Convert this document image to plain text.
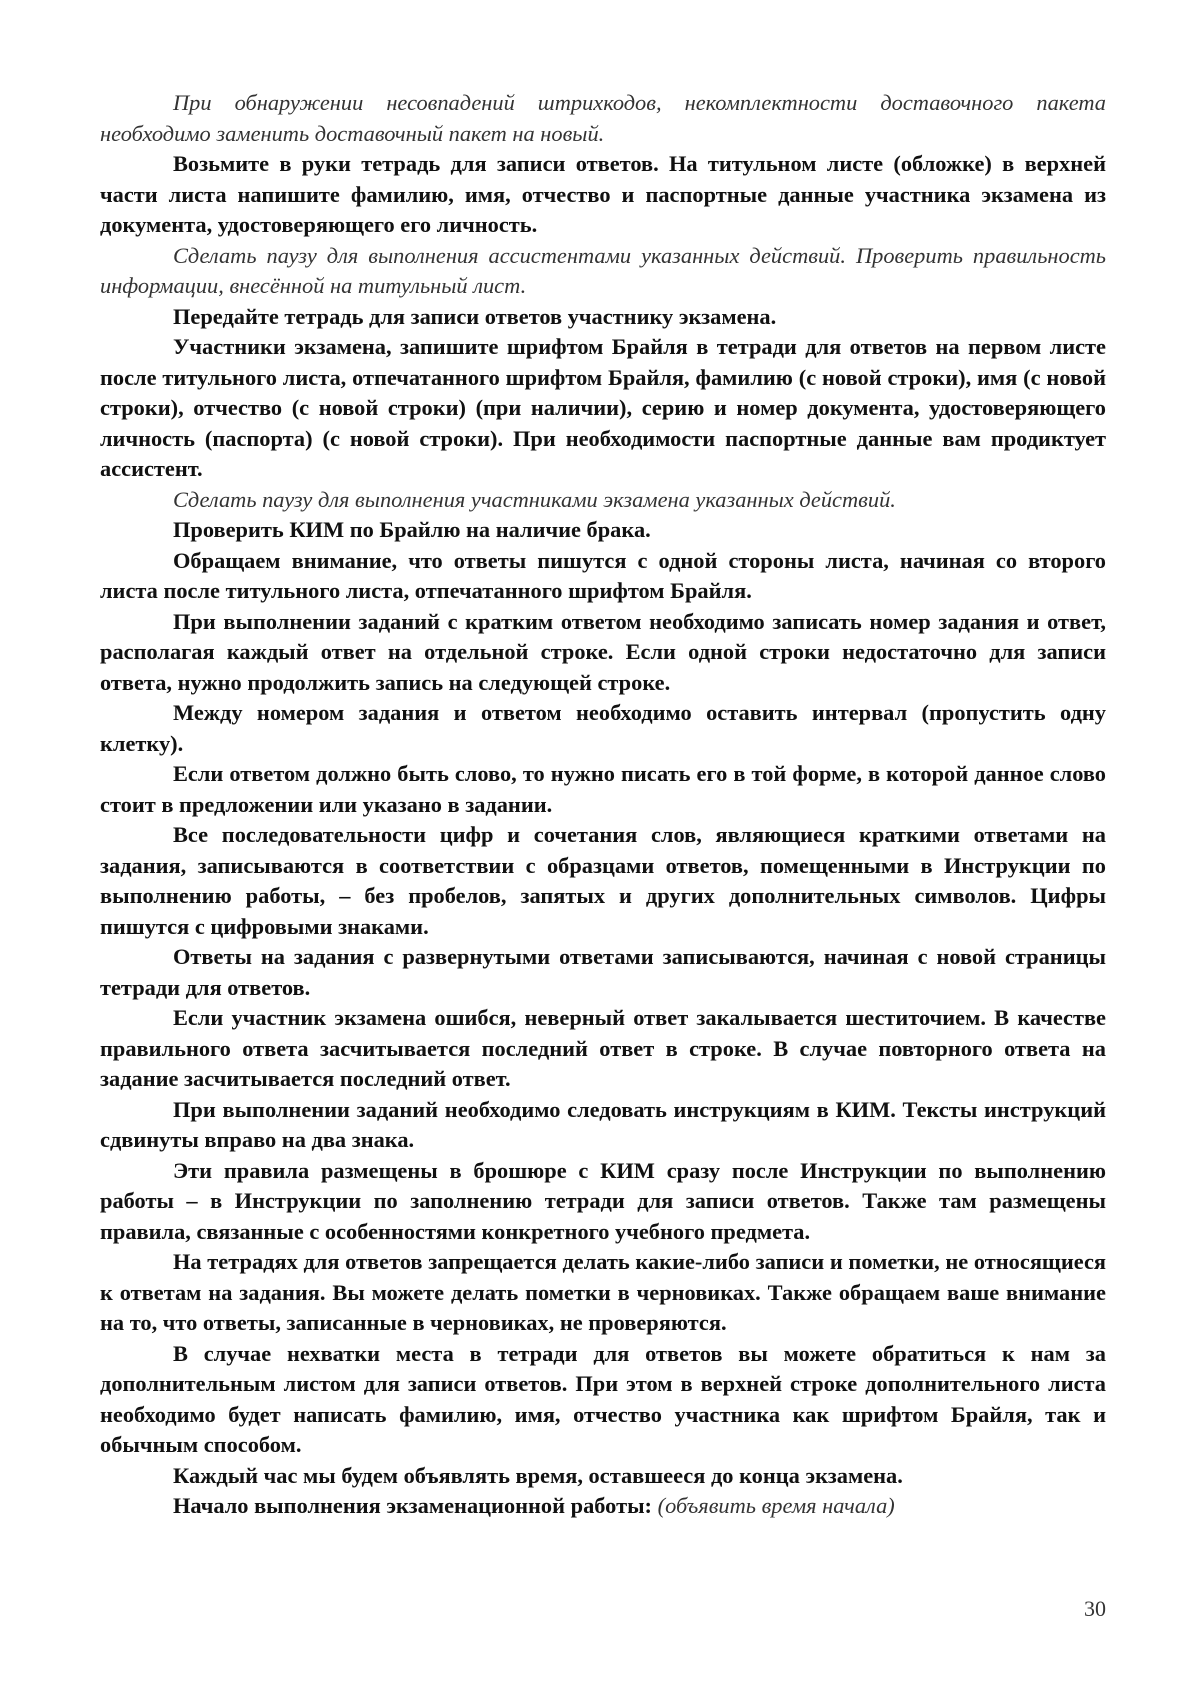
При обнаружении несовпадений штрихкодов, некомплектности доставочного пакета необходимо заменить доставочный пакет на новый.

Возьмите в руки тетрадь для записи ответов. На титульном листе (обложке) в верхней части листа напишите фамилию, имя, отчество и паспортные данные участника экзамена из документа, удостоверяющего его личность.

Сделать паузу для выполнения ассистентами указанных действий. Проверить правильность информации, внесённой на титульный лист.

Передайте тетрадь для записи ответов участнику экзамена.

Участники экзамена, запишите шрифтом Брайля в тетради для ответов на первом листе после титульного листа, отпечатанного шрифтом Брайля, фамилию (с новой строки), имя (с новой строки), отчество (с новой строки) (при наличии), серию и номер документа, удостоверяющего личность (паспорта) (с новой строки). При необходимости паспортные данные вам продиктует ассистент.

Сделать паузу для выполнения участниками экзамена указанных действий.

Проверить КИМ по Брайлю на наличие брака.

Обращаем внимание, что ответы пишутся с одной стороны листа, начиная со второго листа после титульного листа, отпечатанного шрифтом Брайля.

При выполнении заданий с кратким ответом необходимо записать номер задания и ответ, располагая каждый ответ на отдельной строке. Если одной строки недостаточно для записи ответа, нужно продолжить запись на следующей строке.

Между номером задания и ответом необходимо оставить интервал (пропустить одну клетку).

Если ответом должно быть слово, то нужно писать его в той форме, в которой данное слово стоит в предложении или указано в задании.

Все последовательности цифр и сочетания слов, являющиеся краткими ответами на задания, записываются в соответствии с образцами ответов, помещенными в Инструкции по выполнению работы, – без пробелов, запятых и других дополнительных символов. Цифры пишутся с цифровыми знаками.

Ответы на задания с развернутыми ответами записываются, начиная с новой страницы тетради для ответов.

Если участник экзамена ошибся, неверный ответ закалывается шеститочием. В качестве правильного ответа засчитывается последний ответ в строке. В случае повторного ответа на задание засчитывается последний ответ.

При выполнении заданий необходимо следовать инструкциям в КИМ. Тексты инструкций сдвинуты вправо на два знака.

Эти правила размещены в брошюре с КИМ сразу после Инструкции по выполнению работы – в Инструкции по заполнению тетради для записи ответов. Также там размещены правила, связанные с особенностями конкретного учебного предмета.

На тетрадях для ответов запрещается делать какие-либо записи и пометки, не относящиеся к ответам на задания. Вы можете делать пометки в черновиках. Также обращаем ваше внимание на то, что ответы, записанные в черновиках, не проверяются.

В случае нехватки места в тетради для ответов вы можете обратиться к нам за дополнительным листом для записи ответов. При этом в верхней строке дополнительного листа необходимо будет написать фамилию, имя, отчество участника как шрифтом Брайля, так и обычным способом.

Каждый час мы будем объявлять время, оставшееся до конца экзамена.

Начало выполнения экзаменационной работы: (объявить время начала)

30
